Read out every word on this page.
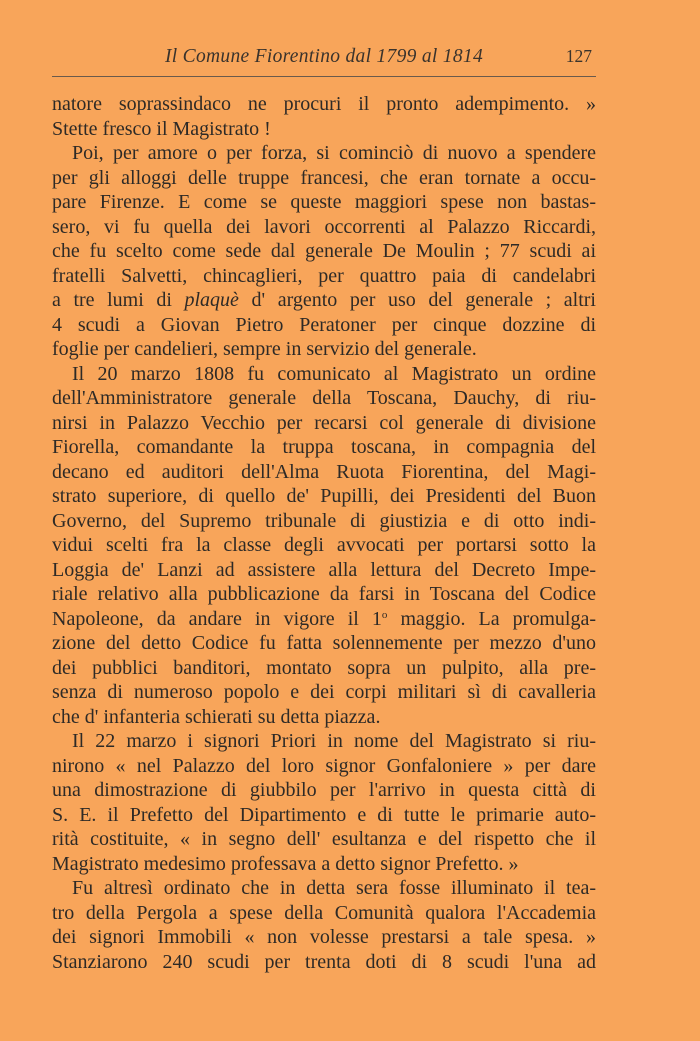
Il Comune Fiorentino dal 1799 al 1814	127
natore soprassindaco ne procuri il pronto adempimento. »
Stette fresco il Magistrato !
Poi, per amore o per forza, si cominciò di nuovo a spendere
per gli alloggi delle truppe francesi, che eran tornate a occu-
pare Firenze. E come se queste maggiori spese non bastas-
sero, vi fu quella dei lavori occorrenti al Palazzo Riccardi,
che fu scelto come sede dal generale De Moulin ; 77 scudi ai
fratelli Salvetti, chincaglieri, per quattro paia di candelabri
a tre lumi di plaquè d' argento per uso del generale ; altri
4 scudi a Giovan Pietro Peratoner per cinque dozzine di
foglie per candelieri, sempre in servizio del generale.
Il 20 marzo 1808 fu comunicato al Magistrato un ordine
dell'Amministratore generale della Toscana, Dauchy, di riu-
nirsi in Palazzo Vecchio per recarsi col generale di divisione
Fiorella, comandante la truppa toscana, in compagnia del
decano ed auditori dell'Alma Ruota Fiorentina, del Magi-
strato superiore, di quello de' Pupilli, dei Presidenti del Buon
Governo, del Supremo tribunale di giustizia e di otto indi-
vidui scelti fra la classe degli avvocati per portarsi sotto la
Loggia de' Lanzi ad assistere alla lettura del Decreto Impe-
riale relativo alla pubblicazione da farsi in Toscana del Codice
Napoleone, da andare in vigore il 1$^o$ maggio. La promulga-
zione del detto Codice fu fatta solennemente per mezzo d'uno
dei pubblici banditori, montato sopra un pulpito, alla pre-
senza di numeroso popolo e dei corpi militari sì di cavalleria
che d' infanteria schierati su detta piazza.
Il 22 marzo i signori Priori in nome del Magistrato si riu-
nirono « nel Palazzo del loro signor Gonfaloniere » per dare
una dimostrazione di giubbilo per l'arrivo in questa città di
S. E. il Prefetto del Dipartimento e di tutte le primarie auto-
rità costituite, « in segno dell' esultanza e del rispetto che il
Magistrato medesimo professava a detto signor Prefetto. »
Fu altresì ordinato che in detta sera fosse illuminato il tea-
tro della Pergola a spese della Comunità qualora l'Accademia
dei signori Immobili « non volesse prestarsi a tale spesa. »
Stanziarono 240 scudi per trenta doti di 8 scudi l'una ad
